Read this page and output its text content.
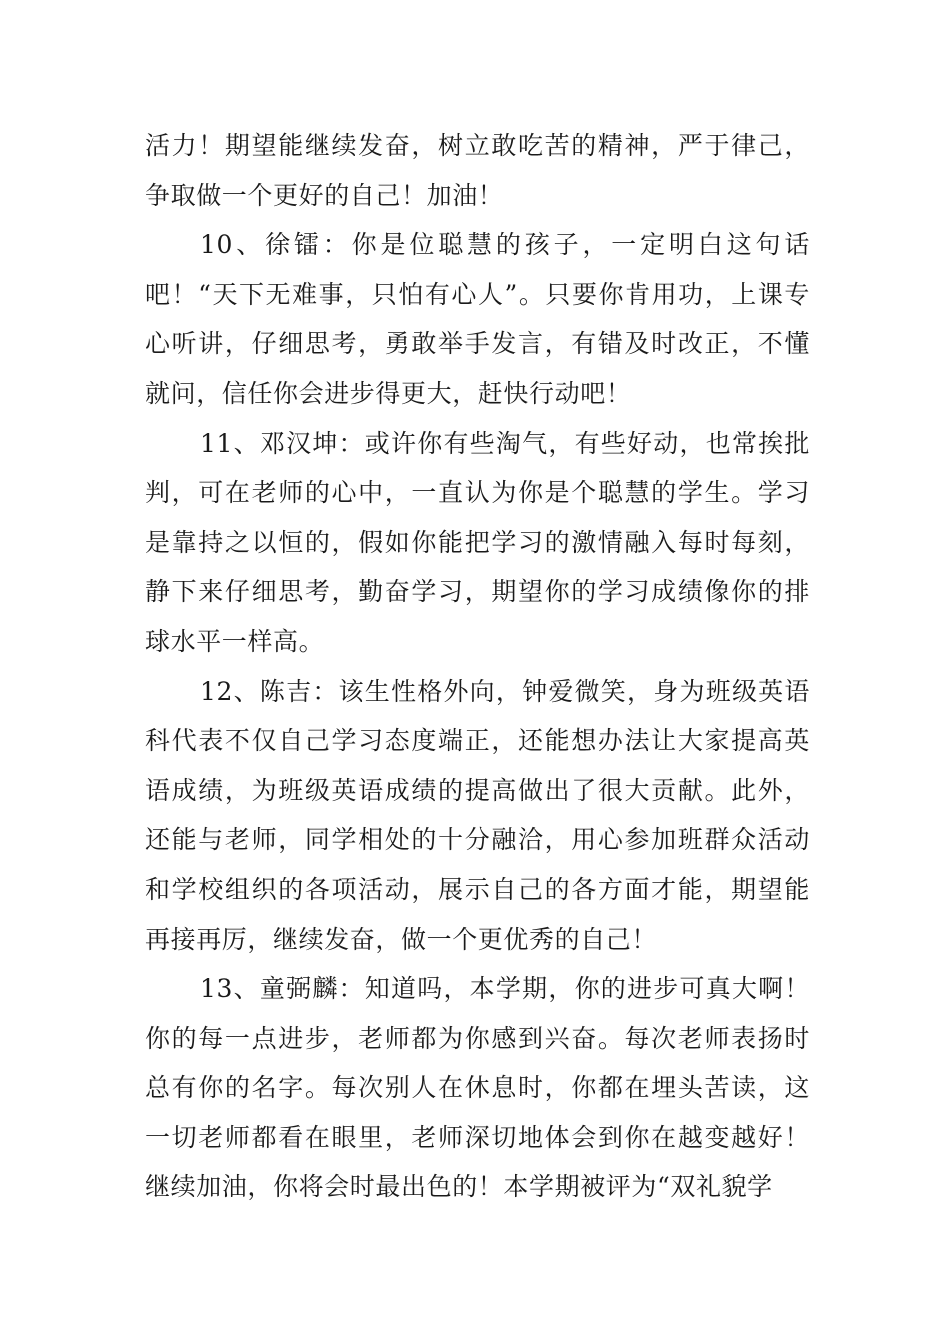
活力！期望能继续发奋，树立敢吃苦的精神，严于律己，争取做一个更好的自己！加油！

10、徐镭：你是位聪慧的孩子，一定明白这句话吧！“天下无难事，只怕有心人”。只要你肯用功，上课专心听讲，仔细思考，勇敢举手发言，有错及时改正，不懂就问，信任你会进步得更大，赶快行动吧！

11、邓汉坤：或许你有些淘气，有些好动，也常挨批判，可在老师的心中，一直认为你是个聪慧的学生。学习是靠持之以恒的，假如你能把学习的激情融入每时每刻，静下来仔细思考，勤奋学习，期望你的学习成绩像你的排球水平一样高。

12、陈吉：该生性格外向，钟爱微笑，身为班级英语科代表不仅自己学习态度端正，还能想办法让大家提高英语成绩，为班级英语成绩的提高做出了很大贡献。此外，还能与老师，同学相处的十分融洽，用心参加班群众活动和学校组织的各项活动，展示自己的各方面才能，期望能再接再厉，继续发奋，做一个更优秀的自己！

13、童弼麟：知道吗，本学期，你的进步可真大啊！你的每一点进步，老师都为你感到兴奋。每次老师表扬时总有你的名字。每次别人在休息时，你都在埋头苦读，这一切老师都看在眼里，老师深切地体会到你在越变越好！继续加油，你将会时最出色的！本学期被评为“双礼貌学
